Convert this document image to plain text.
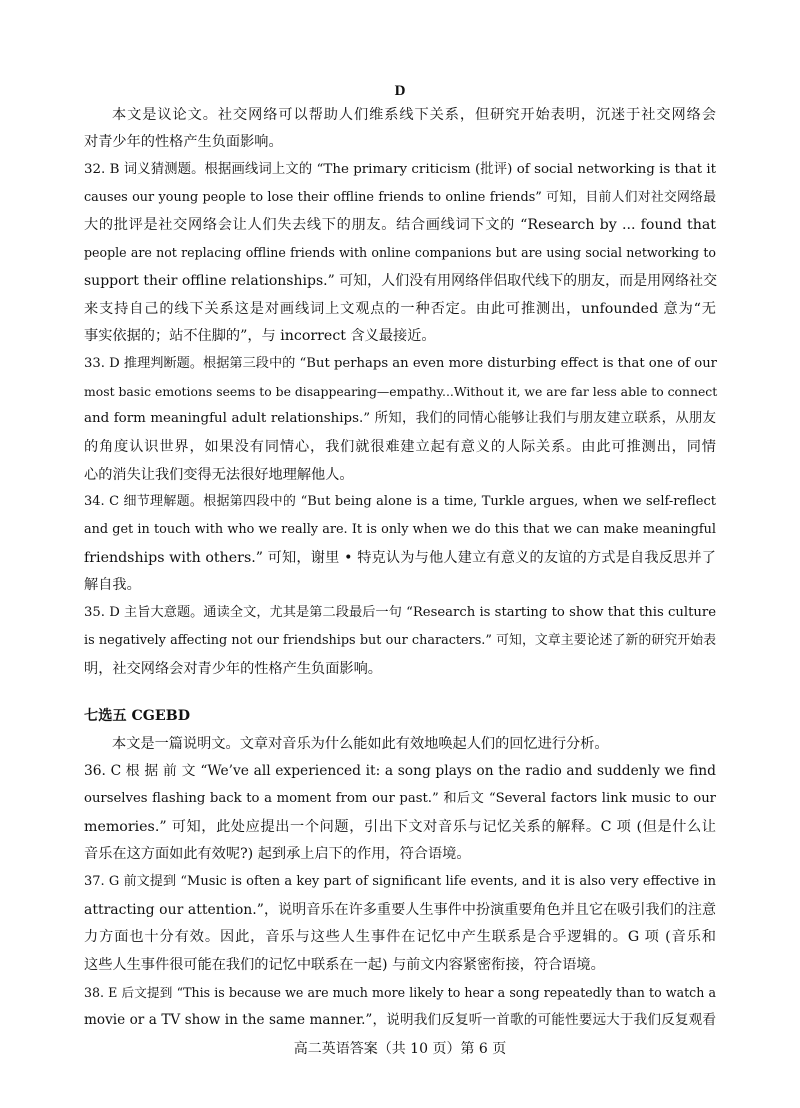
D
本文是议论文。社交网络可以帮助人们维系线下关系，但研究开始表明，沉迷于社交网络会
对青少年的性格产生负面影响。
32. B 词义猜测题。根据画线词上文的 “The primary criticism (批评) of social networking is that it
causes our young people to lose their offline friends to online friends” 可知，目前人们对社交网络最
大的批评是社交网络会让人们失去线下的朋友。结合画线词下文的 “Research by ... found that
people are not replacing offline friends with online companions but are using social networking to
support their offline relationships.” 可知，人们没有用网络伴侣取代线下的朋友，而是用网络社交
来支持自己的线下关系这是对画线词上文观点的一种否定。由此可推测出，unfounded 意为“无
事实依据的；站不住脚的”，与 incorrect 含义最接近。
33. D 推理判断题。根据第三段中的 “But perhaps an even more disturbing effect is that one of our
most basic emotions seems to be disappearing—empathy...Without it, we are far less able to connect
and form meaningful adult relationships.” 所知，我们的同情心能够让我们与朋友建立联系，从朋友
的角度认识世界，如果没有同情心，我们就很难建立起有意义的人际关系。由此可推测出，同情
心的消失让我们变得无法很好地理解他人。
34. C 细节理解题。根据第四段中的 “But being alone is a time, Turkle argues, when we self-reflect
and get in touch with who we really are. It is only when we do this that we can make meaningful
friendships with others.” 可知，谢里 • 特克认为与他人建立有意义的友谊的方式是自我反思并了
解自我。
35. D 主旨大意题。通读全文，尤其是第二段最后一句 “Research is starting to show that this culture
is negatively affecting not our friendships but our characters.” 可知，文章主要论述了新的研究开始表
明，社交网络会对青少年的性格产生负面影响。
七选五 CGEBD
本文是一篇说明文。文章对音乐为什么能如此有效地唤起人们的回忆进行分析。
36. C 根 据 前 文 “We’ve all experienced it: a song plays on the radio and suddenly we find
ourselves flashing back to a moment from our past.” 和后文 “Several factors link music to our
memories.” 可知，此处应提出一个问题，引出下文对音乐与记忆关系的解释。C 项 (但是什么让
音乐在这方面如此有效呢?) 起到承上启下的作用，符合语境。
37. G 前文提到 “Music is often a key part of significant life events, and it is also very effective in
attracting our attention.”，说明音乐在许多重要人生事件中扮演重要角色并且它在吸引我们的注意
力方面也十分有效。因此，音乐与这些人生事件在记忆中产生联系是合乎逻辑的。G 项 (音乐和
这些人生事件很可能在我们的记忆中联系在一起) 与前文内容紧密衔接，符合语境。
38. E 后文提到 “This is because we are much more likely to hear a song repeatedly than to watch a
movie or a TV show in the same manner.”，说明我们反复听一首歌的可能性要远大于我们反复观看
高二英语答案（共 10 页）第 6 页
